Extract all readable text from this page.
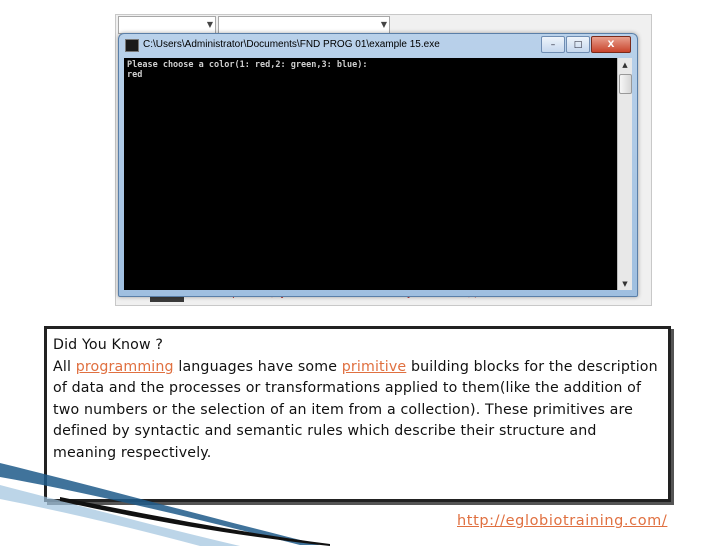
▼	▼
C:\Users\Administrator\Documents\FND PROG 01\example 15.exe	– □	X
Please choose a color(1: red,2: green,3: blue):
red
▲
▼
Did You Know ?
All programming languages have some primitive building blocks for the description of data and the processes or transformations applied to them(like the addition of two numbers or the selection of an item from a collection). These primitives are defined by syntactic and semantic rules which describe their structure and meaning respectively.
http://eglobiotraining.com/
